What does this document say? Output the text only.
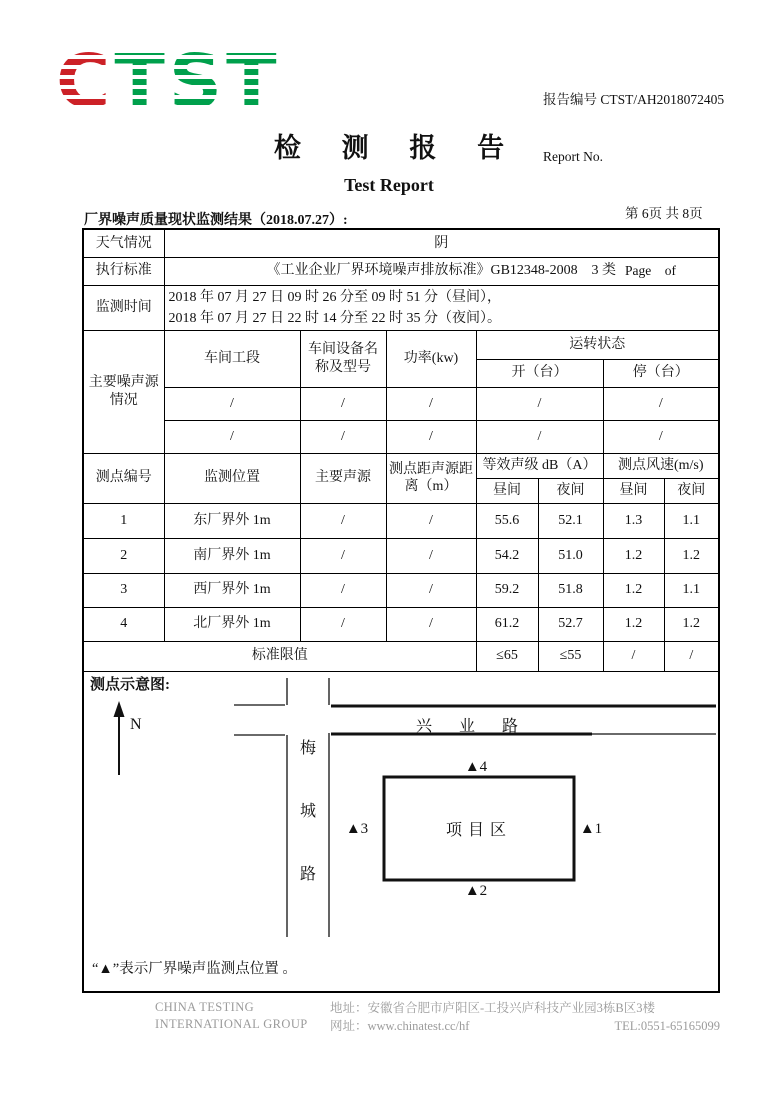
CTST

	报告编号 CTST/AH2018072405

Report No.

第 6页 共 8页

Page    of

检 测 报 告
Test Report
厂界噪声质量现状监测结果（2018.07.27）:
天气情况	阴						
执行标准	《工业企业厂界环境噪声排放标准》GB12348-2008　3 类						
监测时间	2018 年 07 月 27 日 09 时 26 分至 09 时 51 分（昼间），
2018 年 07 月 27 日 22 时 14 分至 22 时 35 分（夜间）。						

主要噪声源情况	车间工段	车间设备名称及型号	功率(kw)	运转状态			
				开（台）		停（台）	
	/	/	/	/		/	
	/	/	/	/		/	
测点编号	监测位置	主要声源	测点距声源距离（m）	等效声级 dB（A）		测点风速(m/s)	
				昼间	夜间	昼间	夜间
1	东厂界外 1m	/	/	55.6	52.1	1.3	1.1
2	南厂界外 1m	/	/	54.2	51.0	1.2	1.2
3	西厂界外 1m	/	/	59.2	51.8	1.2	1.1
4	北厂界外 1m	/	/	61.2	52.7	1.2	1.2
标准限值				≤65	≤55	/	/

测点示意图:
N	兴业路
梅
城
路
项目区
▲4
▲1
▲2
▲3
“▲”表示厂界噪声监测点位置 。
CHINA TESTING
INTERNATIONAL GROUP
地址：安徽省合肥市庐阳区-工投兴庐科技产业园3栋B区3楼
网址：www.chinatest.cc/hf	TEL:0551-65165099
